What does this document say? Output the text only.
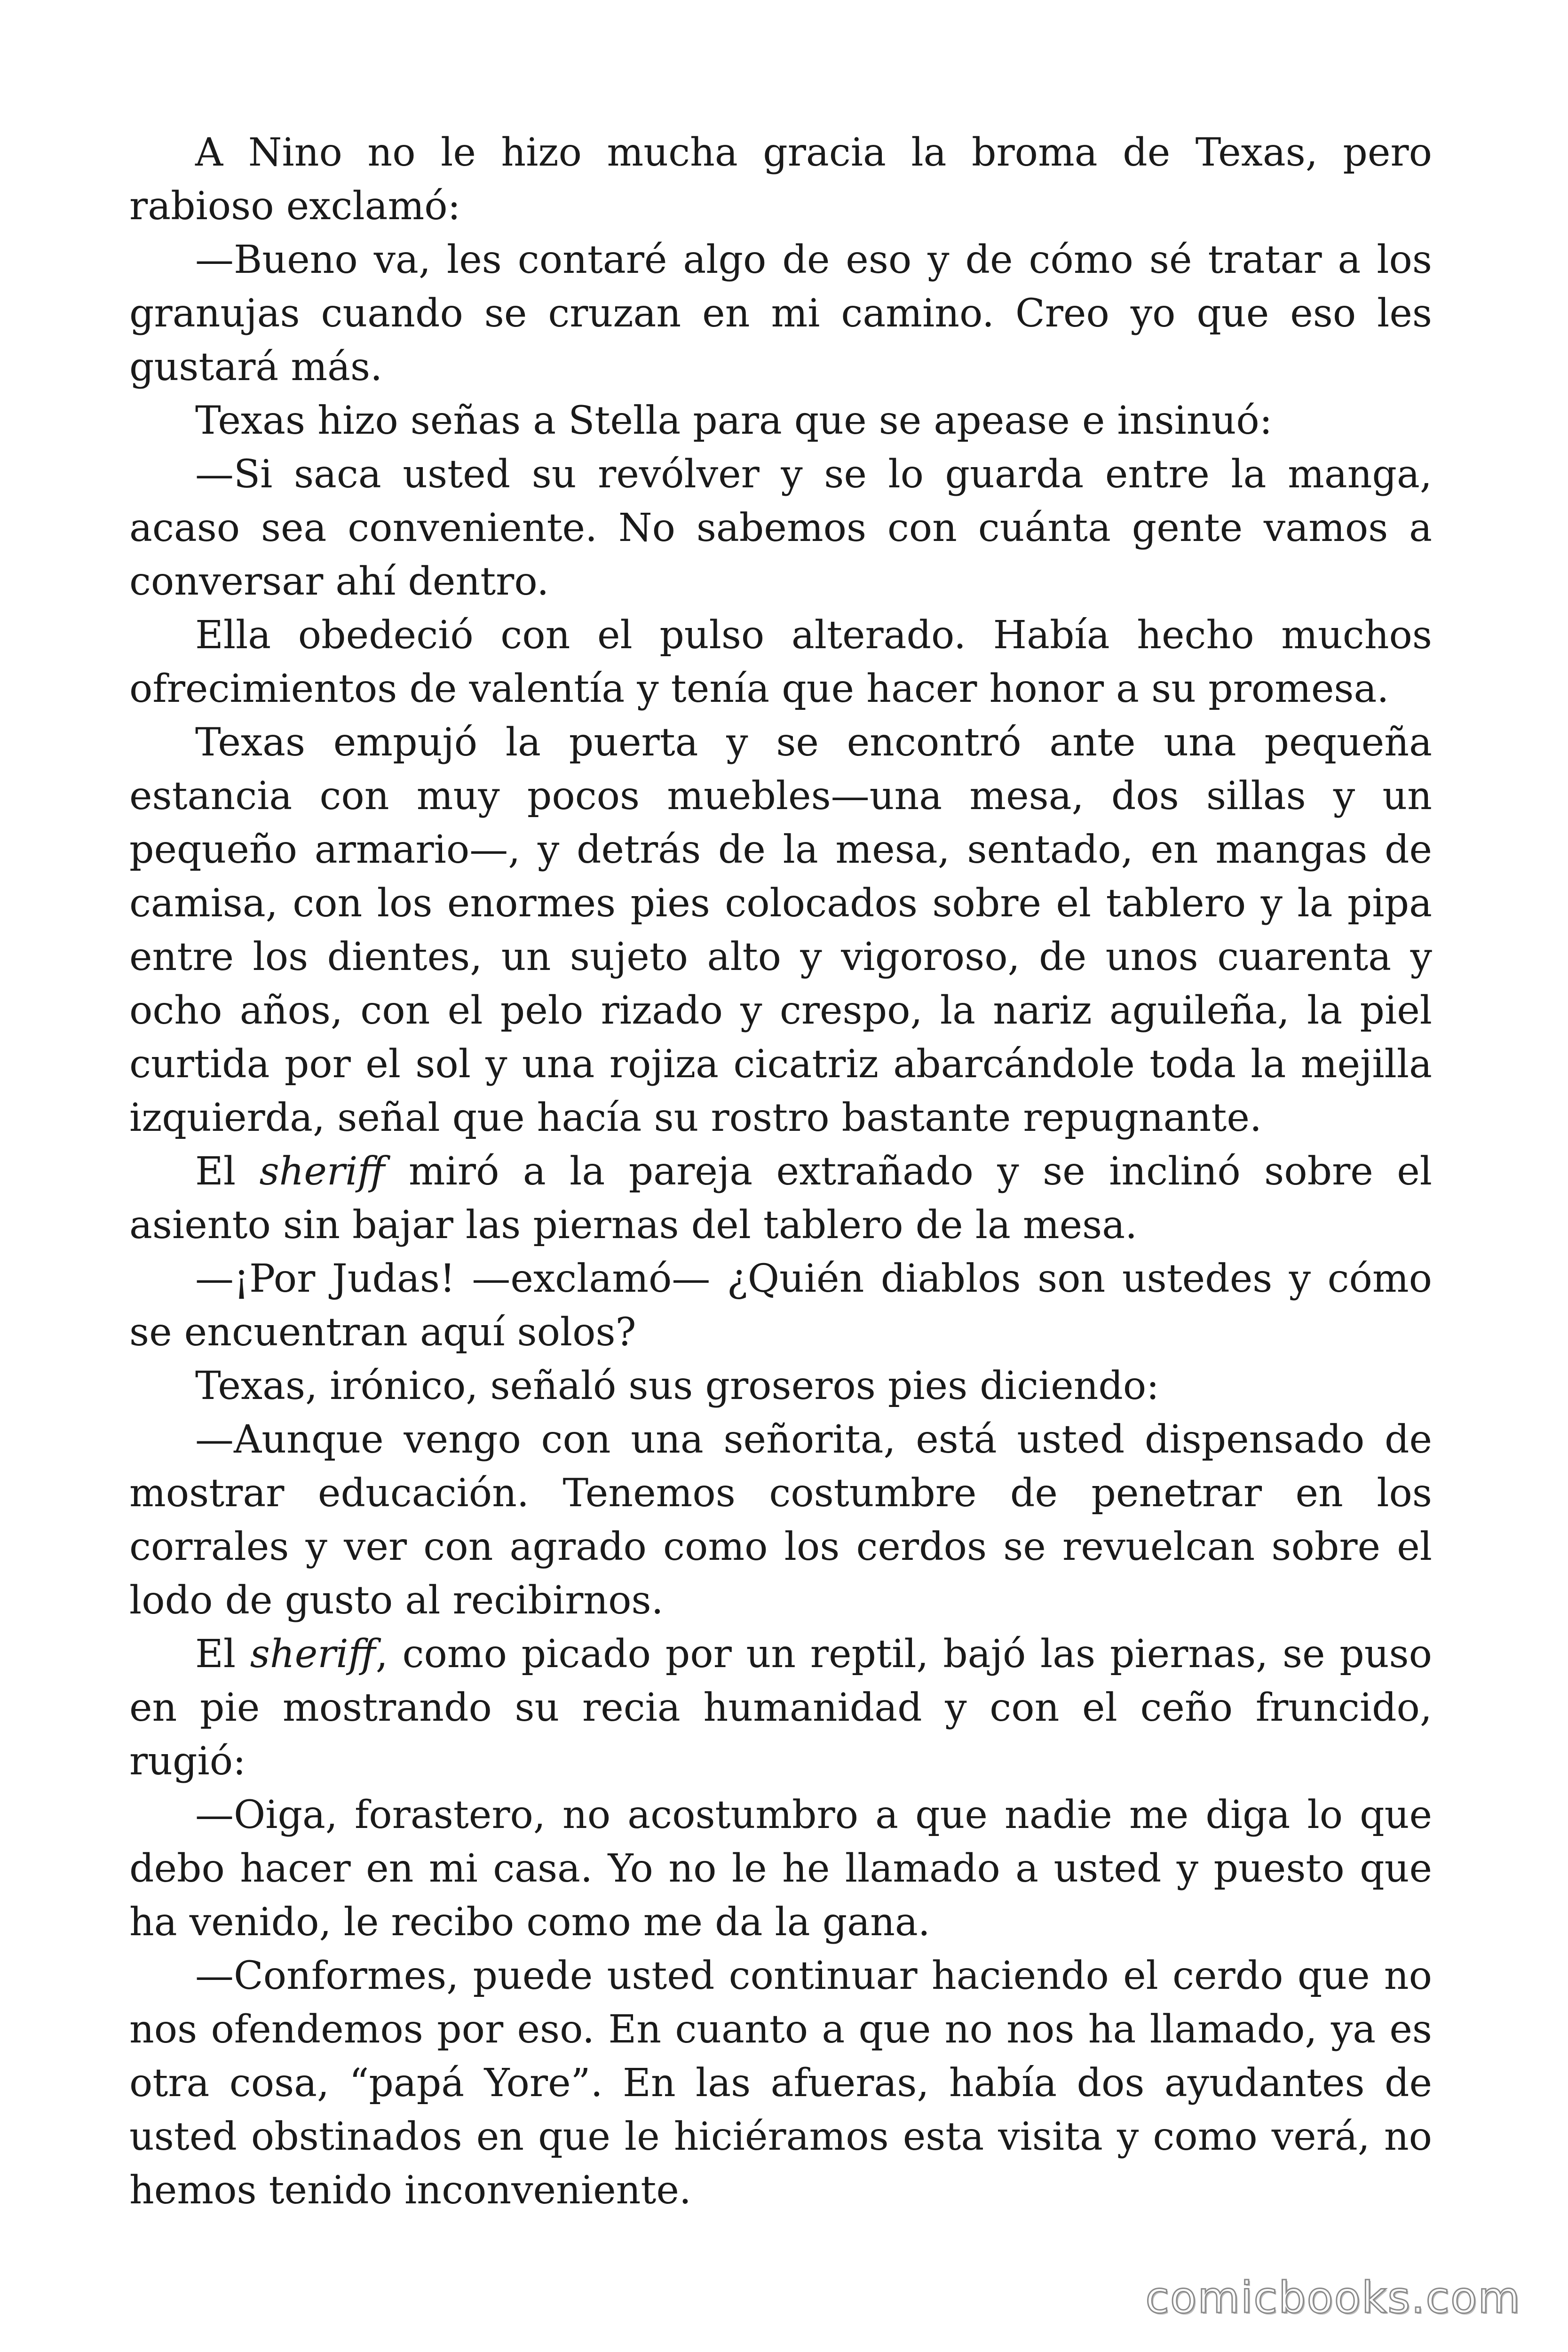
A Nino no le hizo mucha gracia la broma de Texas, pero rabioso exclamó:

—Bueno va, les contaré algo de eso y de cómo sé tratar a los granujas cuando se cruzan en mi camino. Creo yo que eso les gustará más.

Texas hizo señas a Stella para que se apease e insinuó:

—Si saca usted su revólver y se lo guarda entre la manga, acaso sea conveniente. No sabemos con cuánta gente vamos a conversar ahí dentro.

Ella obedeció con el pulso alterado. Había hecho muchos ofrecimientos de valentía y tenía que hacer honor a su promesa.

Texas empujó la puerta y se encontró ante una pequeña estancia con muy pocos muebles—una mesa, dos sillas y un pequeño armario—, y detrás de la mesa, sentado, en mangas de camisa, con los enormes pies colocados sobre el tablero y la pipa entre los dientes, un sujeto alto y vigoroso, de unos cuarenta y ocho años, con el pelo rizado y crespo, la nariz aguileña, la piel curtida por el sol y una rojiza cicatriz abarcándole toda la mejilla izquierda, señal que hacía su rostro bastante repugnante.

El sheriff miró a la pareja extrañado y se inclinó sobre el asiento sin bajar las piernas del tablero de la mesa.

—¡Por Judas! —exclamó— ¿Quién diablos son ustedes y cómo se encuentran aquí solos?

Texas, irónico, señaló sus groseros pies diciendo:

—Aunque vengo con una señorita, está usted dispensado de mostrar educación. Tenemos costumbre de penetrar en los corrales y ver con agrado como los cerdos se revuelcan sobre el lodo de gusto al recibirnos.

El sheriff, como picado por un reptil, bajó las piernas, se puso en pie mostrando su recia humanidad y con el ceño fruncido, rugió:

—Oiga, forastero, no acostumbro a que nadie me diga lo que debo hacer en mi casa. Yo no le he llamado a usted y puesto que ha venido, le recibo como me da la gana.

—Conformes, puede usted continuar haciendo el cerdo que no nos ofendemos por eso. En cuanto a que no nos ha llamado, ya es otra cosa, “papá Yore”. En las afueras, había dos ayudantes de usted obstinados en que le hiciéramos esta visita y como verá, no hemos tenido inconveniente.

comicbooks.com
